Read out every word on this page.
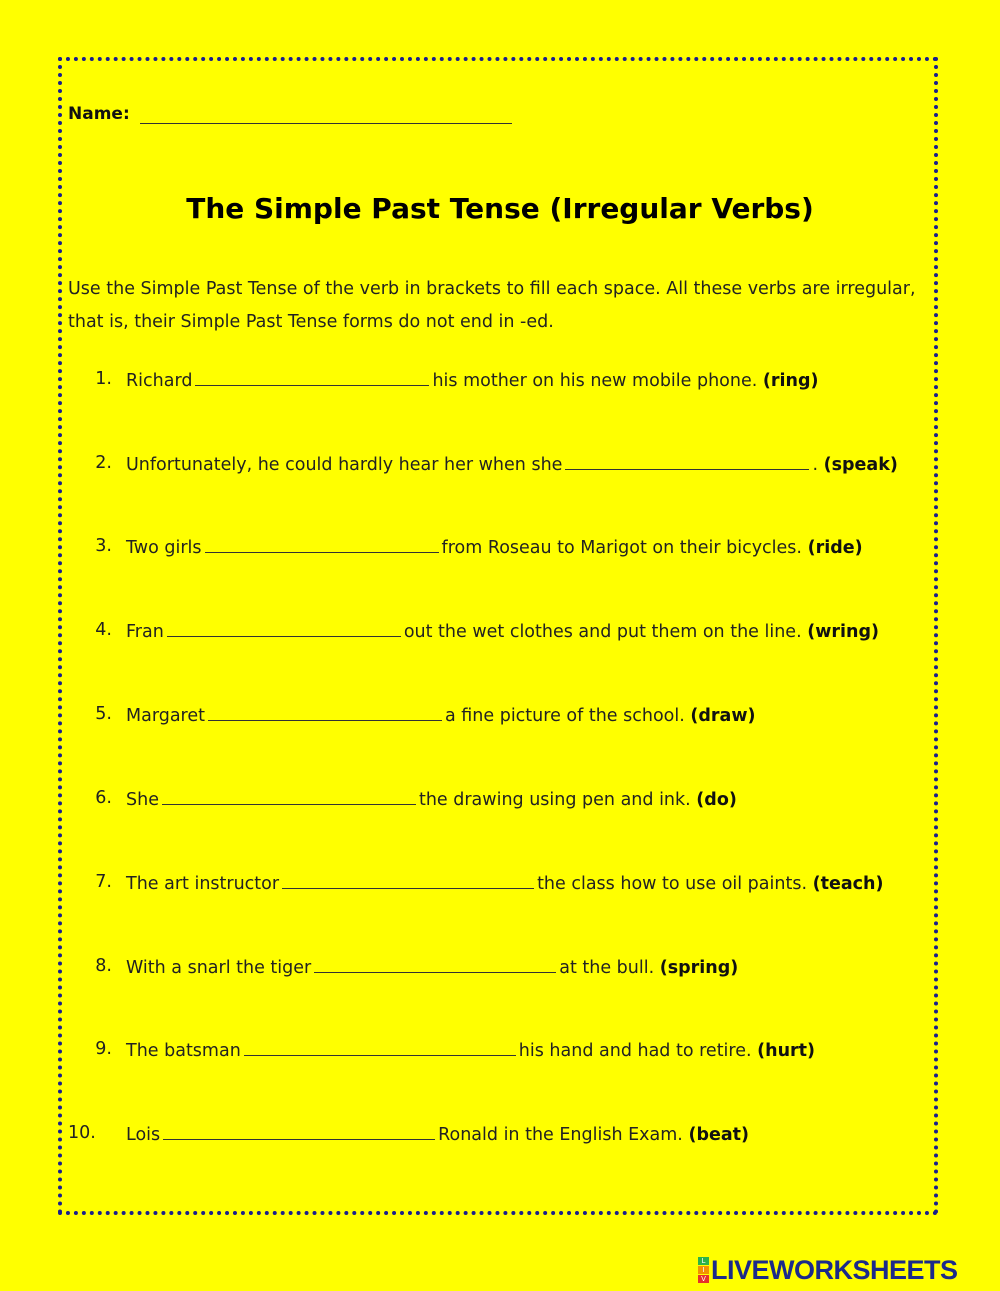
Name:
The Simple Past Tense (Irregular Verbs)
Use the Simple Past Tense of the verb in brackets to fill each space. All these verbs are irregular, that is, their Simple Past Tense forms do not end in -ed.
1. Richard	his mother on his new mobile phone. (ring)
2. Unfortunately, he could hardly hear her when she	. (speak)
3. Two girls	from Roseau to Marigot on their bicycles. (ride)
4. Fran	out the wet clothes and put them on the line. (wring)
5. Margaret	a fine picture of the school. (draw)
6. She	the drawing using pen and ink. (do)
7. The art instructor	the class how to use oil paints. (teach)
8. With a snarl the tiger	at the bull. (spring)
9. The batsman	his hand and had to retire. (hurt)
10. Lois	Ronald in the English Exam. (beat)
L
I
V LIVEWORKSHEETS
